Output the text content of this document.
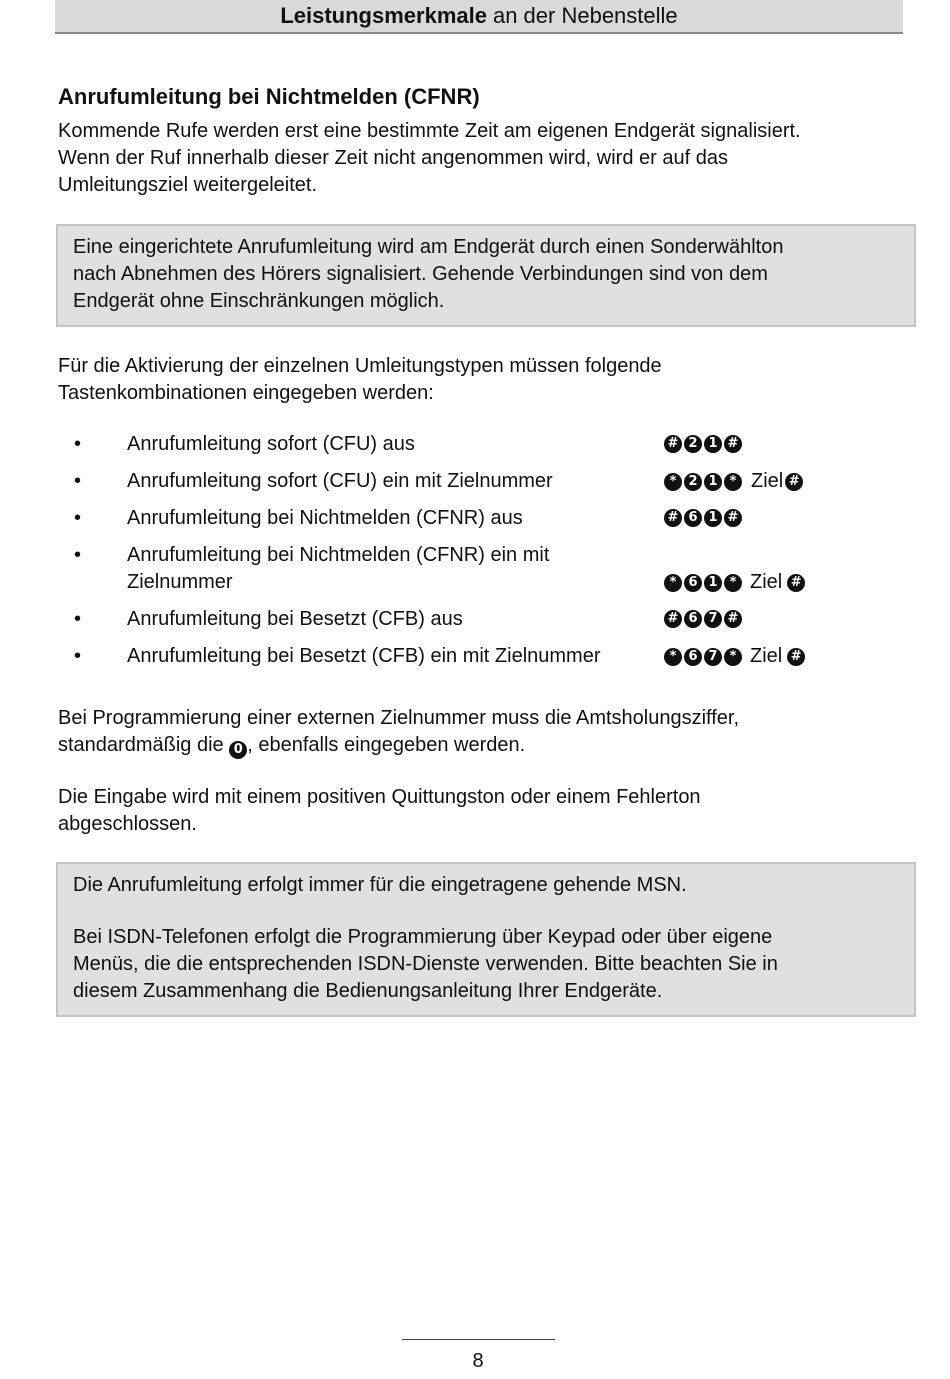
Leistungsmerkmale an der Nebenstelle
Anrufumleitung bei Nichtmelden (CFNR)
Kommende Rufe werden erst eine bestimmte Zeit am eigenen Endgerät signalisiert.
Wenn der Ruf innerhalb dieser Zeit nicht angenommen wird, wird er auf das
Umleitungsziel weitergeleitet.
Eine eingerichtete Anrufumleitung wird am Endgerät durch einen Sonderwählton
nach Abnehmen des Hörers signalisiert. Gehende Verbindungen sind von dem
Endgerät ohne Einschränkungen möglich.
Für die Aktivierung der einzelnen Umleitungstypen müssen folgende
Tastenkombinationen eingegeben werden:
• Anrufumleitung sofort (CFU) aus	# 2 1 #
• Anrufumleitung sofort (CFU) ein mit Zielnummer	* 2 1 * Ziel #
• Anrufumleitung bei Nichtmelden (CFNR) aus	# 6 1 #
• Anrufumleitung bei Nichtmelden (CFNR) ein mit Zielnummer	* 6 1 * Ziel #
• Anrufumleitung bei Besetzt (CFB) aus	# 6 7 #
• Anrufumleitung bei Besetzt (CFB) ein mit Zielnummer	* 6 7 * Ziel #
Bei Programmierung einer externen Zielnummer muss die Amtsholungsziffer,
standardmäßig die 0 , ebenfalls eingegeben werden.
Die Eingabe wird mit einem positiven Quittungston oder einem Fehlerton
abgeschlossen.

Die Anrufumleitung erfolgt immer für die eingetragene gehende MSN.

Bei ISDN-Telefonen erfolgt die Programmierung über Keypad oder über eigene
Menüs, die die entsprechenden ISDN-Dienste verwenden. Bitte beachten Sie in
diesem Zusammenhang die Bedienungsanleitung Ihrer Endgeräte.

8
